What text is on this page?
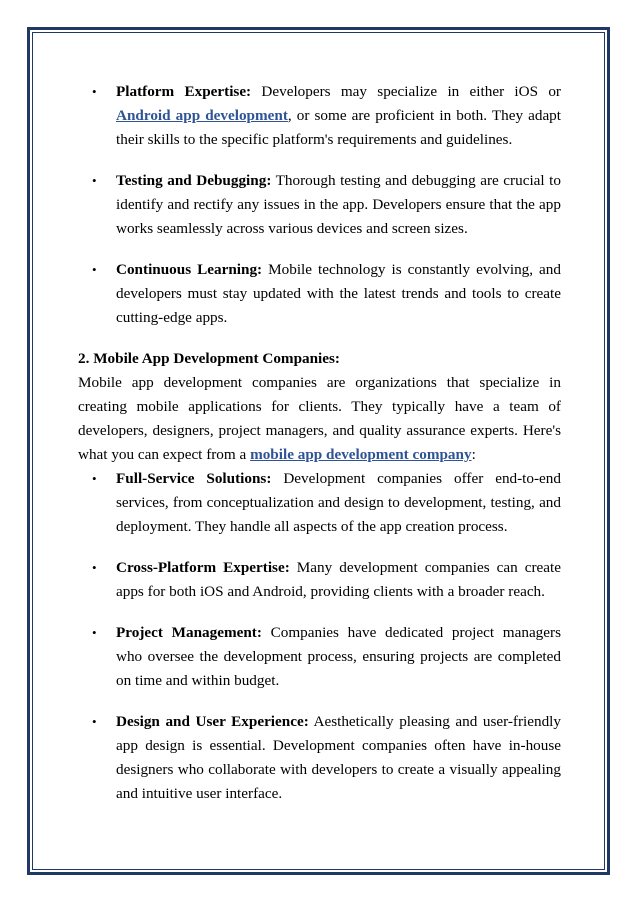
• Platform Expertise: Developers may specialize in either iOS or Android app development, or some are proficient in both. They adapt their skills to the specific platform's requirements and guidelines.
• Testing and Debugging: Thorough testing and debugging are crucial to identify and rectify any issues in the app. Developers ensure that the app works seamlessly across various devices and screen sizes.
• Continuous Learning: Mobile technology is constantly evolving, and developers must stay updated with the latest trends and tools to create cutting-edge apps.

2. Mobile App Development Companies:

Mobile app development companies are organizations that specialize in creating mobile applications for clients. They typically have a team of developers, designers, project managers, and quality assurance experts. Here's what you can expect from a mobile app development company:

• Full-Service Solutions: Development companies offer end-to-end services, from conceptualization and design to development, testing, and deployment. They handle all aspects of the app creation process.
• Cross-Platform Expertise: Many development companies can create apps for both iOS and Android, providing clients with a broader reach.
• Project Management: Companies have dedicated project managers who oversee the development process, ensuring projects are completed on time and within budget.
• Design and User Experience: Aesthetically pleasing and user-friendly app design is essential. Development companies often have in-house designers who collaborate with developers to create a visually appealing and intuitive user interface.
